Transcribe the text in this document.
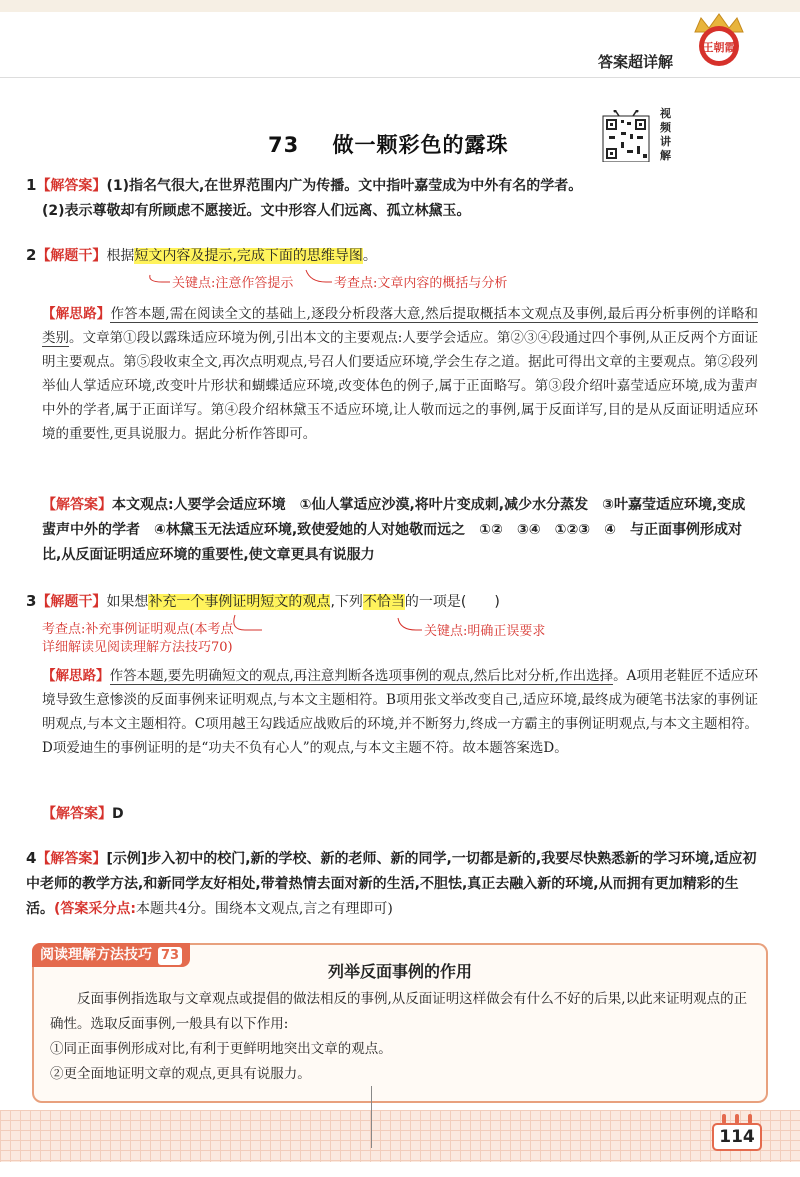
答案超详解
王朝霞
73 做一颗彩色的露珠
视频讲解
1【解答案】(1)指名气很大,在世界范围内广为传播。文中指叶嘉莹成为中外有名的学者。
(2)表示尊敬却有所顾虑不愿接近。文中形容人们远离、孤立林黛玉。
2【解题干】根据短文内容及提示,完成下面的思维导图。
关键点:注意作答提示	考查点:文章内容的概括与分析
【解思路】作答本题,需在阅读全文的基础上,逐段分析段落大意,然后提取概括本文观点及事例,最后再分析事例的详略和类别。文章第①段以露珠适应环境为例,引出本文的主要观点:人要学会适应。第②③④段通过四个事例,从正反两个方面证明主要观点。第⑤段收束全文,再次点明观点,号召人们要适应环境,学会生存之道。据此可得出文章的主要观点。第②段列举仙人掌适应环境,改变叶片形状和蝴蝶适应环境,改变体色的例子,属于正面略写。第③段介绍叶嘉莹适应环境,成为蜚声中外的学者,属于正面详写。第④段介绍林黛玉不适应环境,让人敬而远之的事例,属于反面详写,目的是从反面证明适应环境的重要性,更具说服力。据此分析作答即可。
【解答案】本文观点:人要学会适应环境　①仙人掌适应沙漠,将叶片变成刺,减少水分蒸发　③叶嘉莹适应环境,变成蜚声中外的学者　④林黛玉无法适应环境,致使爱她的人对她敬而远之　①②　③④　①②③　④　与正面事例形成对比,从反面证明适应环境的重要性,使文章更具有说服力
3【解题干】如果想补充一个事例证明短文的观点,下列不恰当的一项是(　　)
考查点:补充事例证明观点(本考点
详细解读见阅读理解方法技巧70)
关键点:明确正误要求
【解思路】作答本题,要先明确短文的观点,再注意判断各选项事例的观点,然后比对分析,作出选择。A项用老鞋匠不适应环境导致生意惨淡的反面事例来证明观点,与本文主题相符。B项用张文举改变自己,适应环境,最终成为硬笔书法家的事例证明观点,与本文主题相符。C项用越王勾践适应战败后的环境,并不断努力,终成一方霸主的事例证明观点,与本文主题相符。D项爱迪生的事例证明的是“功夫不负有心人”的观点,与本文主题不符。故本题答案选D。
【解答案】D
4【解答案】[示例]步入初中的校门,新的学校、新的老师、新的同学,一切都是新的,我要尽快熟悉新的学习环境,适应初中老师的教学方法,和新同学友好相处,带着热情去面对新的生活,不胆怯,真正去融入新的环境,从而拥有更加精彩的生活。(答案采分点:本题共4分。围绕本文观点,言之有理即可)
阅读理解方法技巧 73
列举反面事例的作用
反面事例指选取与文章观点或提倡的做法相反的事例,从反面证明这样做会有什么不好的后果,以此来证明观点的正确性。选取反面事例,一般具有以下作用:
①同正面事例形成对比,有利于更鲜明地突出文章的观点。
②更全面地证明文章的观点,更具有说服力。
114
